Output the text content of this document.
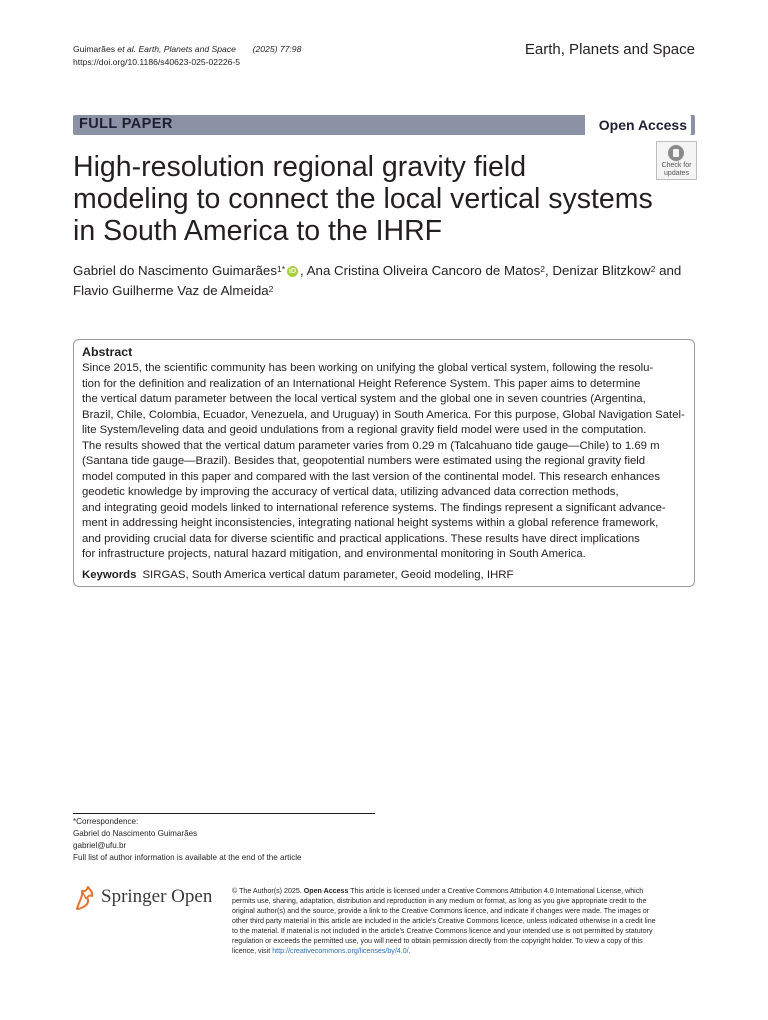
Guimarães et al. Earth, Planets and Space (2025) 77:98
https://doi.org/10.1186/s40623-025-02226-5
Earth, Planets and Space
FULL PAPER	Open Access
Check for
updates
High-resolution regional gravity field
modeling to connect the local vertical systems
in South America to the IHRF
Gabriel do Nascimento Guimarães$^{1*}$ iD , Ana Cristina Oliveira Cancoro de Matos$^2$, Denizar Blitzkow$^2$ and
Flavio Guilherme Vaz de Almeida$^2$
Abstract
Since 2015, the scientific community has been working on unifying the global vertical system, following the resolu-
tion for the definition and realization of an International Height Reference System. This paper aims to determine
the vertical datum parameter between the local vertical system and the global one in seven countries (Argentina,
Brazil, Chile, Colombia, Ecuador, Venezuela, and Uruguay) in South America. For this purpose, Global Navigation Satel-
lite System/leveling data and geoid undulations from a regional gravity field model were used in the computation.
The results showed that the vertical datum parameter varies from 0.29 m (Talcahuano tide gauge—Chile) to 1.69 m
(Santana tide gauge—Brazil). Besides that, geopotential numbers were estimated using the regional gravity field
model computed in this paper and compared with the last version of the continental model. This research enhances
geodetic knowledge by improving the accuracy of vertical data, utilizing advanced data correction methods,
and integrating geoid models linked to international reference systems. The findings represent a significant advance-
ment in addressing height inconsistencies, integrating national height systems within a global reference framework,
and providing crucial data for diverse scientific and practical applications. These results have direct implications
for infrastructure projects, natural hazard mitigation, and environmental monitoring in South America.
Keywords SIRGAS, South America vertical datum parameter, Geoid modeling, IHRF
*Correspondence:
Gabriel do Nascimento Guimarães
gabriel@ufu.br
Full list of author information is available at the end of the article
Springer Open	© The Author(s) 2025. Open Access This article is licensed under a Creative Commons Attribution 4.0 International License, which
permits use, sharing, adaptation, distribution and reproduction in any medium or format, as long as you give appropriate credit to the
original author(s) and the source, provide a link to the Creative Commons licence, and indicate if changes were made. The images or
other third party material in this article are included in the article's Creative Commons licence, unless indicated otherwise in a credit line
to the material. If material is not included in the article's Creative Commons licence and your intended use is not permitted by statutory
regulation or exceeds the permitted use, you will need to obtain permission directly from the copyright holder. To view a copy of this
licence, visit http://creativecommons.org/licenses/by/4.0/.
